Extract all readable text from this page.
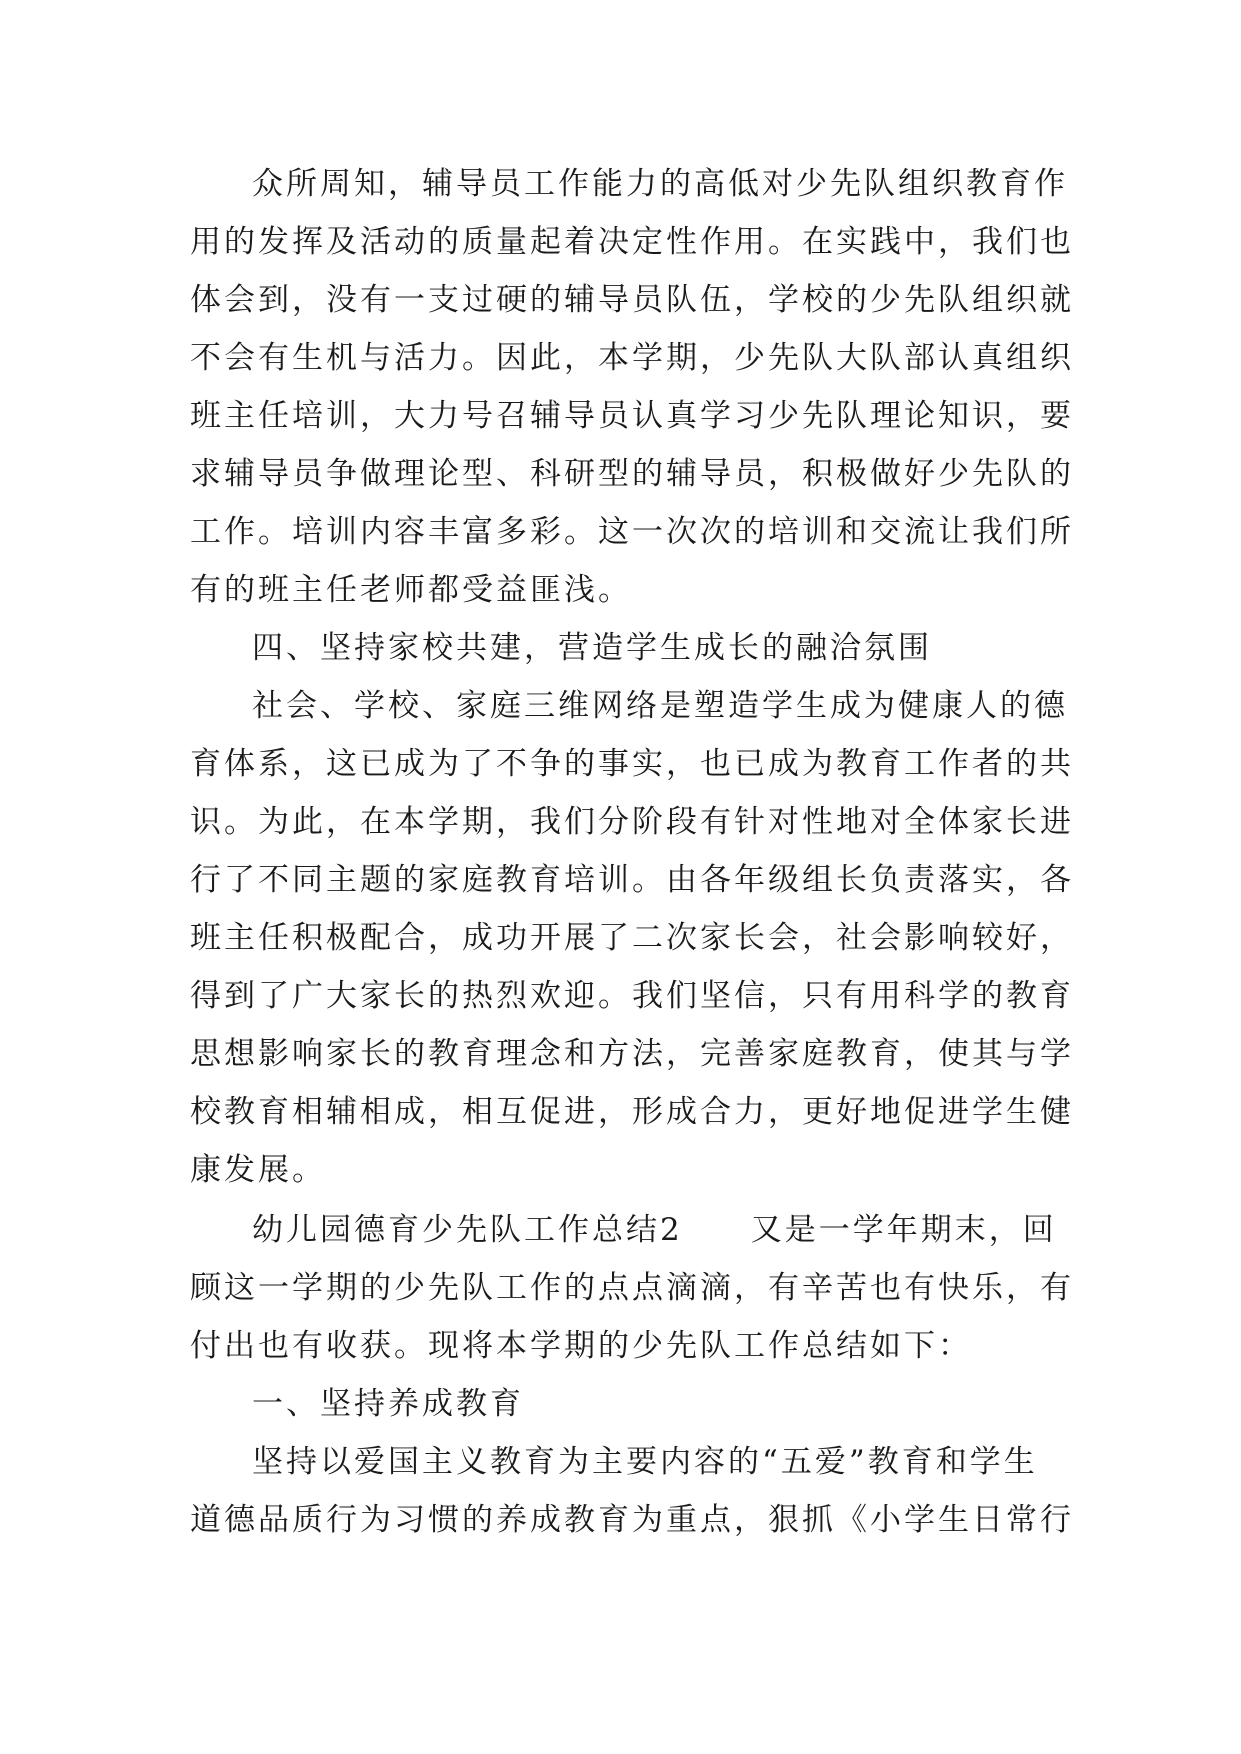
众所周知，辅导员工作能力的高低对少先队组织教育作
用的发挥及活动的质量起着决定性作用。在实践中，我们也
体会到，没有一支过硬的辅导员队伍，学校的少先队组织就
不会有生机与活力。因此，本学期，少先队大队部认真组织
班主任培训，大力号召辅导员认真学习少先队理论知识，要
求辅导员争做理论型、科研型的辅导员，积极做好少先队的
工作。培训内容丰富多彩。这一次次的培训和交流让我们所
有的班主任老师都受益匪浅。
四、坚持家校共建，营造学生成长的融洽氛围
社会、学校、家庭三维网络是塑造学生成为健康人的德
育体系，这已成为了不争的事实，也已成为教育工作者的共
识。为此，在本学期，我们分阶段有针对性地对全体家长进
行了不同主题的家庭教育培训。由各年级组长负责落实，各
班主任积极配合，成功开展了二次家长会，社会影响较好，
得到了广大家长的热烈欢迎。我们坚信，只有用科学的教育
思想影响家长的教育理念和方法，完善家庭教育，使其与学
校教育相辅相成，相互促进，形成合力，更好地促进学生健
康发展。
幼儿园德育少先队工作总结2　　又是一学年期末，回
顾这一学期的少先队工作的点点滴滴，有辛苦也有快乐，有
付出也有收获。现将本学期的少先队工作总结如下：
一、坚持养成教育
坚持以爱国主义教育为主要内容的“五爱”教育和学生
道德品质行为习惯的养成教育为重点，狠抓《小学生日常行
